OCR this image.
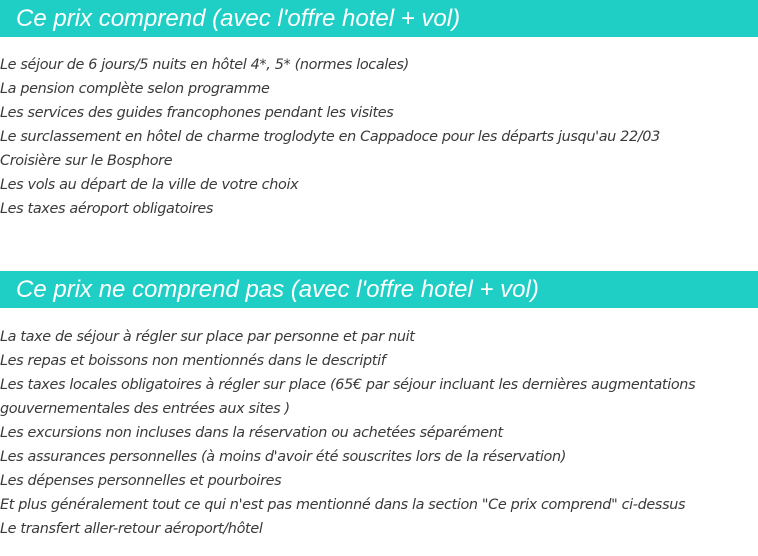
Ce prix comprend (avec l'offre hotel + vol)
Le séjour de 6 jours/5 nuits en hôtel 4*, 5* (normes locales)
La pension complète selon programme
Les services des guides francophones pendant les visites
Le surclassement en hôtel de charme troglodyte en Cappadoce pour les départs jusqu'au 22/03
Croisière sur le Bosphore
Les vols au départ de la ville de votre choix
Les taxes aéroport obligatoires
Ce prix ne comprend pas (avec l'offre hotel + vol)
La taxe de séjour à régler sur place par personne et par nuit
Les repas et boissons non mentionnés dans le descriptif
Les taxes locales obligatoires à régler sur place (65€ par séjour incluant les dernières augmentations gouvernementales des entrées aux sites )
Les excursions non incluses dans la réservation ou achetées séparément
Les assurances personnelles (à moins d'avoir été souscrites lors de la réservation)
Les dépenses personnelles et pourboires
Et plus généralement tout ce qui n'est pas mentionné dans la section "Ce prix comprend" ci-dessus
Le transfert aller-retour aéroport/hôtel
